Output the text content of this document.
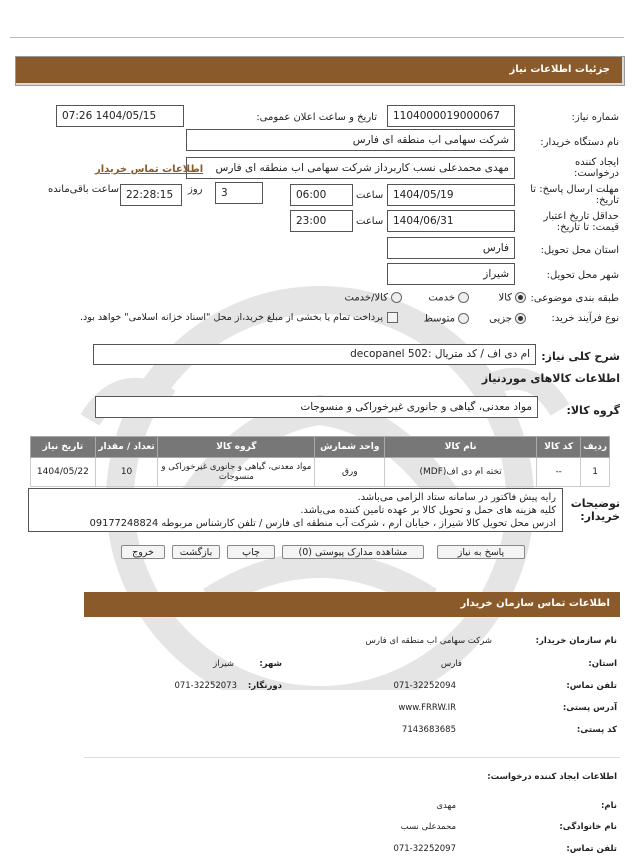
جزئیات اطلاعات نیاز
شماره نیاز:
1104000019000067
تاریخ و ساعت اعلان عمومی:
1404/05/15 07:26
نام دستگاه خریدار:
شرکت سهامی اب منطقه ای فارس
ایجاد کننده درخواست:
مهدی محمدعلی نسب کاربرداز شرکت سهامی اب منطقه ای فارس
اطلاعات تماس خریدار
مهلت ارسال پاسخ: تا تاریخ:
1404/05/19
ساعت
06:00
3
روز
22:28:15
ساعت باقی‌مانده
حداقل تاریخ اعتبار قیمت: تا تاریخ:
1404/06/31
ساعت
23:00
استان محل تحویل:
فارس
شهر محل تحویل:
شیراز
طبقه بندی موضوعی:
کالا
خدمت
کالا/خدمت
نوع فرآیند خرید:
جزیی
متوسط
پرداخت تمام یا بخشی از مبلغ خرید،از محل "اسناد خزانه اسلامی" خواهد بود.
شرح کلی نیاز:
ام دی اف / کد متریال :decopanel 502
اطلاعات کالاهای موردنیاز
گروه کالا:
مواد معدنی، گیاهی و جانوری غیرخوراکی و منسوجات
ردیف	کد کالا	نام کالا	واحد شمارش	گروه کالا	تعداد / مقدار	تاریخ نیاز
1	--	تخته ام دی اف(MDF)	ورق	مواد معدنی، گیاهی و جانوری غیرخوراکی و منسوجات	10	1404/05/22
توضیحات خریدار:
رایه پیش فاکتور در سامانه ستاد الزامی می‌باشد.
کلیه هزینه های حمل و تحویل کالا بر عهده تامین کننده می‌باشد.
ادرس محل تحویل کالا شیراز ، خیابان ارم ، شرکت آب منطقه ای فارس / تلفن کارشناس مربوطه 09177248824
پاسخ به نیاز
مشاهده مدارک پیوستی (0)
چاپ
بازگشت
خروج
اطلاعات تماس سازمان خریدار
نام سازمان خریدار:
شرکت سهامی اب منطقه ای فارس
استان:
فارس
شهر:
شیراز
تلفن تماس:
071-32252094
دورنگار:
071-32252073
آدرس پستی:
www.FRRW.IR
کد پستی:
7143683685
اطلاعات ایجاد کننده درخواست:
نام:
مهدی
نام خانوادگی:
محمدعلی نسب
تلفن تماس:
071-32252097
